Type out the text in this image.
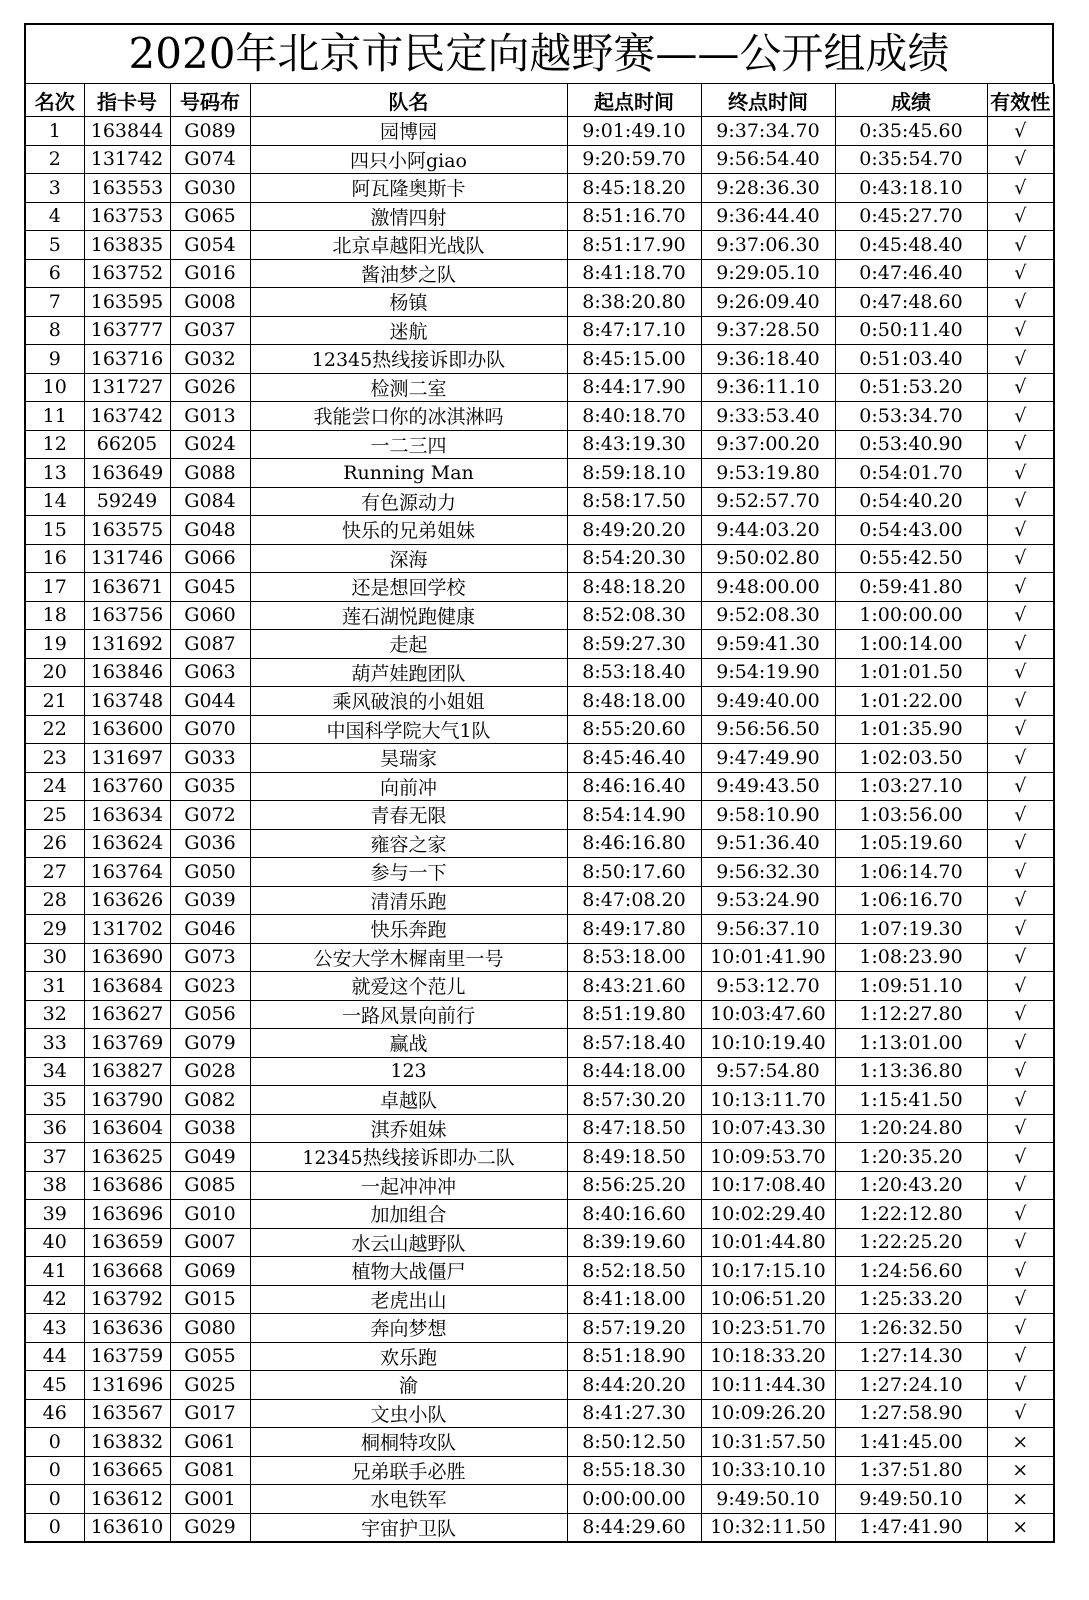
2020年北京市民定向越野赛——公开组成绩
名次	指卡号	号码布	队名	起点时间	终点时间	成绩	有效性
1	163844	G089	园博园	9:01:49.10	9:37:34.70	0:35:45.60	√
2	131742	G074	四只小阿giao	9:20:59.70	9:56:54.40	0:35:54.70	√
3	163553	G030	阿瓦隆奥斯卡	8:45:18.20	9:28:36.30	0:43:18.10	√
4	163753	G065	激情四射	8:51:16.70	9:36:44.40	0:45:27.70	√
5	163835	G054	北京卓越阳光战队	8:51:17.90	9:37:06.30	0:45:48.40	√
6	163752	G016	酱油梦之队	8:41:18.70	9:29:05.10	0:47:46.40	√
7	163595	G008	杨镇	8:38:20.80	9:26:09.40	0:47:48.60	√
8	163777	G037	迷航	8:47:17.10	9:37:28.50	0:50:11.40	√
9	163716	G032	12345热线接诉即办队	8:45:15.00	9:36:18.40	0:51:03.40	√
10	131727	G026	检测二室	8:44:17.90	9:36:11.10	0:51:53.20	√
11	163742	G013	我能尝口你的冰淇淋吗	8:40:18.70	9:33:53.40	0:53:34.70	√
12	66205	G024	一二三四	8:43:19.30	9:37:00.20	0:53:40.90	√
13	163649	G088	Running Man	8:59:18.10	9:53:19.80	0:54:01.70	√
14	59249	G084	有色源动力	8:58:17.50	9:52:57.70	0:54:40.20	√
15	163575	G048	快乐的兄弟姐妹	8:49:20.20	9:44:03.20	0:54:43.00	√
16	131746	G066	深海	8:54:20.30	9:50:02.80	0:55:42.50	√
17	163671	G045	还是想回学校	8:48:18.20	9:48:00.00	0:59:41.80	√
18	163756	G060	莲石湖悦跑健康	8:52:08.30	9:52:08.30	1:00:00.00	√
19	131692	G087	走起	8:59:27.30	9:59:41.30	1:00:14.00	√
20	163846	G063	葫芦娃跑团队	8:53:18.40	9:54:19.90	1:01:01.50	√
21	163748	G044	乘风破浪的小姐姐	8:48:18.00	9:49:40.00	1:01:22.00	√
22	163600	G070	中国科学院大气1队	8:55:20.60	9:56:56.50	1:01:35.90	√
23	131697	G033	昊瑞家	8:45:46.40	9:47:49.90	1:02:03.50	√
24	163760	G035	向前冲	8:46:16.40	9:49:43.50	1:03:27.10	√
25	163634	G072	青春无限	8:54:14.90	9:58:10.90	1:03:56.00	√
26	163624	G036	雍容之家	8:46:16.80	9:51:36.40	1:05:19.60	√
27	163764	G050	参与一下	8:50:17.60	9:56:32.30	1:06:14.70	√
28	163626	G039	清清乐跑	8:47:08.20	9:53:24.90	1:06:16.70	√
29	131702	G046	快乐奔跑	8:49:17.80	9:56:37.10	1:07:19.30	√
30	163690	G073	公安大学木樨南里一号	8:53:18.00	10:01:41.90	1:08:23.90	√
31	163684	G023	就爱这个范儿	8:43:21.60	9:53:12.70	1:09:51.10	√
32	163627	G056	一路风景向前行	8:51:19.80	10:03:47.60	1:12:27.80	√
33	163769	G079	赢战	8:57:18.40	10:10:19.40	1:13:01.00	√
34	163827	G028	123	8:44:18.00	9:57:54.80	1:13:36.80	√
35	163790	G082	卓越队	8:57:30.20	10:13:11.70	1:15:41.50	√
36	163604	G038	淇乔姐妹	8:47:18.50	10:07:43.30	1:20:24.80	√
37	163625	G049	12345热线接诉即办二队	8:49:18.50	10:09:53.70	1:20:35.20	√
38	163686	G085	一起冲冲冲	8:56:25.20	10:17:08.40	1:20:43.20	√
39	163696	G010	加加组合	8:40:16.60	10:02:29.40	1:22:12.80	√
40	163659	G007	水云山越野队	8:39:19.60	10:01:44.80	1:22:25.20	√
41	163668	G069	植物大战僵尸	8:52:18.50	10:17:15.10	1:24:56.60	√
42	163792	G015	老虎出山	8:41:18.00	10:06:51.20	1:25:33.20	√
43	163636	G080	奔向梦想	8:57:19.20	10:23:51.70	1:26:32.50	√
44	163759	G055	欢乐跑	8:51:18.90	10:18:33.20	1:27:14.30	√
45	131696	G025	渝	8:44:20.20	10:11:44.30	1:27:24.10	√
46	163567	G017	文虫小队	8:41:27.30	10:09:26.20	1:27:58.90	√
0	163832	G061	桐桐特攻队	8:50:12.50	10:31:57.50	1:41:45.00	×
0	163665	G081	兄弟联手必胜	8:55:18.30	10:33:10.10	1:37:51.80	×
0	163612	G001	水电铁军	0:00:00.00	9:49:50.10	9:49:50.10	×
0	163610	G029	宇宙护卫队	8:44:29.60	10:32:11.50	1:47:41.90	×
